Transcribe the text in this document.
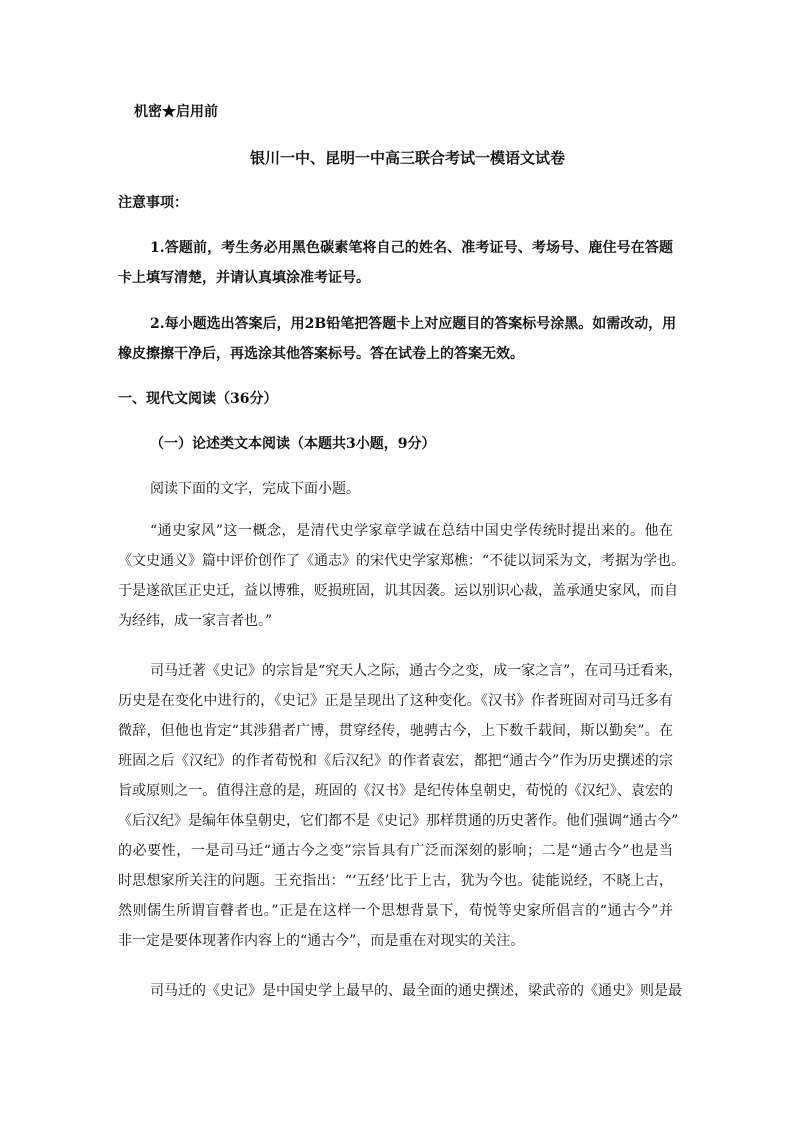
机密★启用前
银川一中、昆明一中高三联合考试一模语文试卷
注意事项：
1.答题前，考生务必用黑色碳素笔将自己的姓名、准考证号、考场号、鹿住号在答题
卡上填写清楚，并请认真填涂准考证号。
2.每小题选出答案后，用2B铅笔把答题卡上对应题目的答案标号涂黑。如需改动，用
橡皮擦擦干净后，再选涂其他答案标号。答在试卷上的答案无效。
一、现代文阅读（36分）
（一）论述类文本阅读（本题共3小题，9分）
阅读下面的文字，完成下面小题。
“通史家风”这一概念，是清代史学家章学诚在总结中国史学传统时提出来的。他在
《文史通义》篇中评价创作了《通志》的宋代史学家郑樵：“不徒以词采为文，考据为学也。
于是遂欲匡正史迁，益以博雅，贬损班固，讥其因袭。运以别识心裁，盖承通史家风，而自
为经纬，成一家言者也。”
司马迁著《史记》的宗旨是“究天人之际，通古今之变，成一家之言”，在司马迁看来，
历史是在变化中进行的，《史记》正是呈现出了这种变化。《汉书》作者班固对司马迁多有
微辞，但他也肯定“其涉猎者广博，贯穿经传，驰骋古今，上下数千载间，斯以勤矣”。在
班固之后《汉纪》的作者荀悦和《后汉纪》的作者袁宏，都把“通古今”作为历史撰述的宗
旨或原则之一。值得注意的是，班固的《汉书》是纪传体皇朝史，荀悦的《汉纪》、袁宏的
《后汉纪》是编年体皇朝史，它们都不是《史记》那样贯通的历史著作。他们强调“通古今”
的必要性，一是司马迁“通古今之变”宗旨具有广泛而深刻的影响；二是“通古今”也是当
时思想家所关注的问题。王充指出：“‘五经’比于上古，犹为今也。徒能说经，不晓上古，
然则儒生所谓盲瞽者也。”正是在这样一个思想背景下，荀悦等史家所倡言的“通古今”并
非一定是要体现著作内容上的“通古今”，而是重在对现实的关注。
司马迁的《史记》是中国史学上最早的、最全面的通史撰述，梁武帝的《通史》则是最
